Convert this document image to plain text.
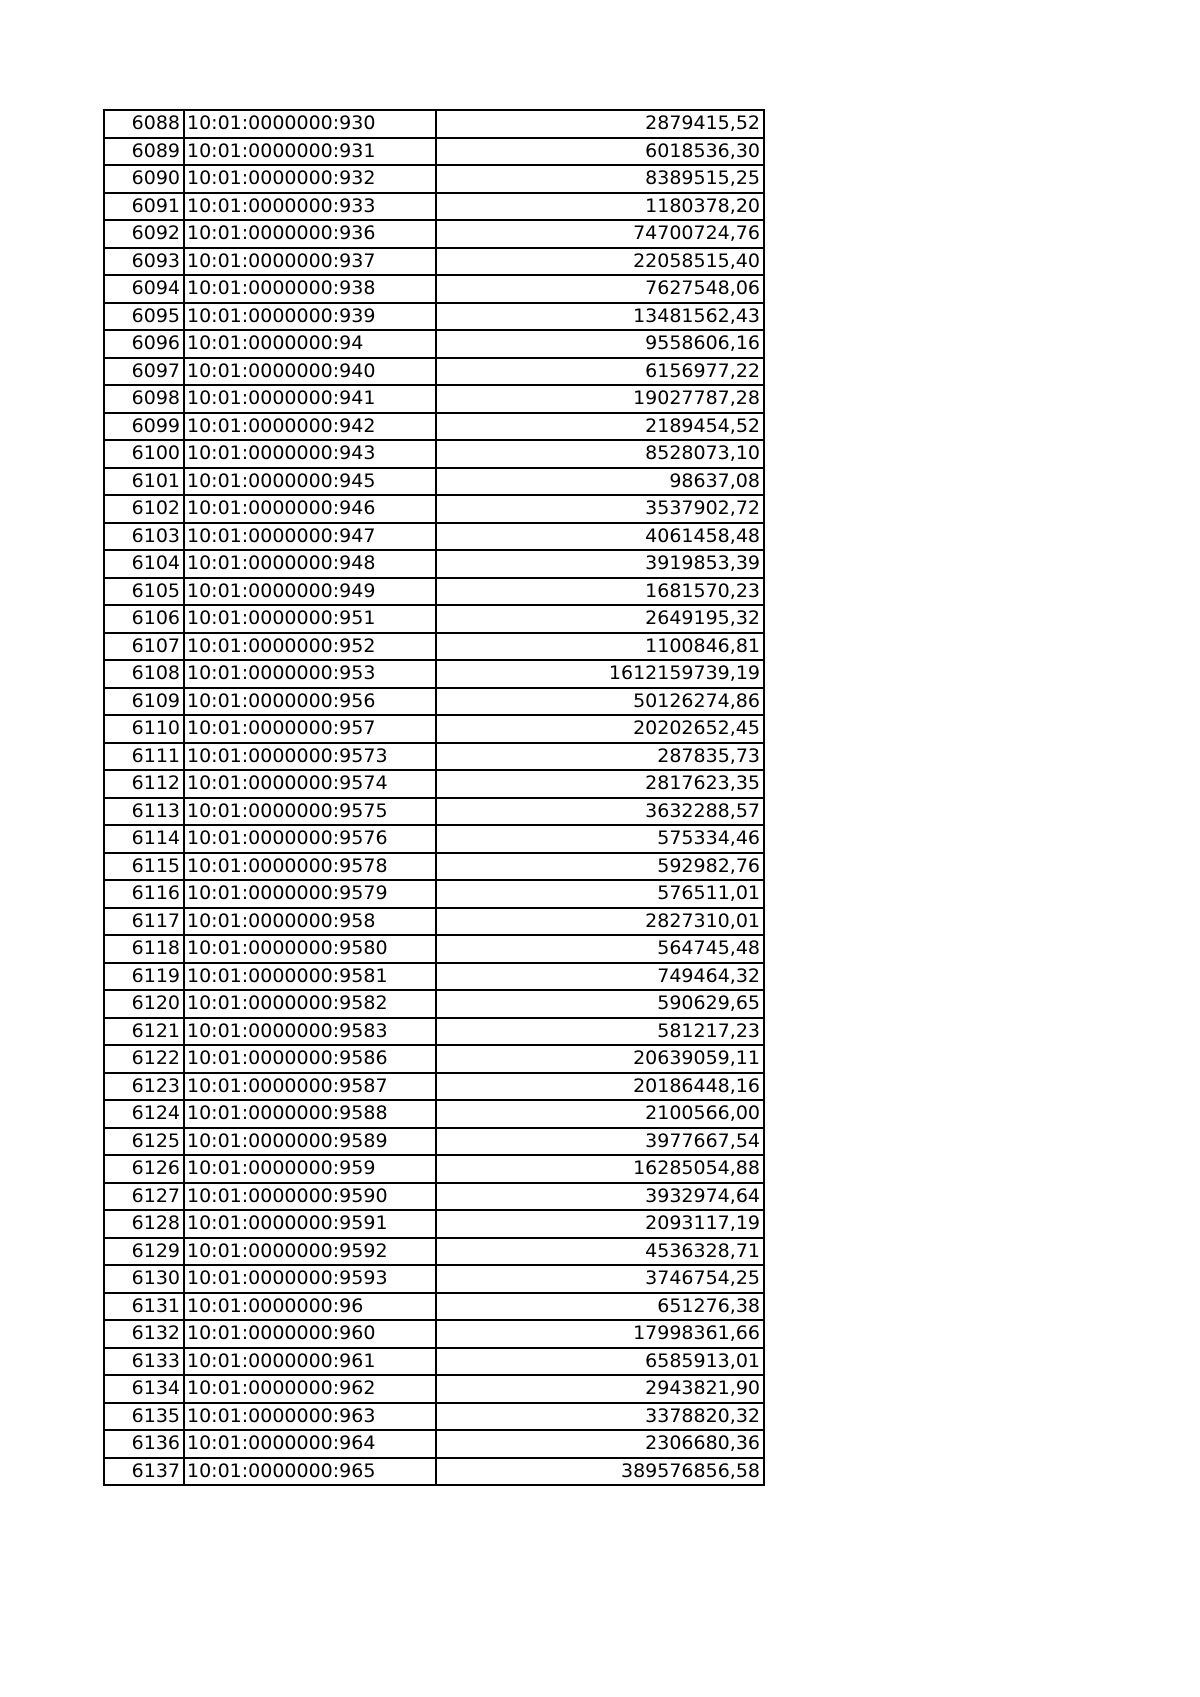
6088	10:01:0000000:930	2879415,52
6089	10:01:0000000:931	6018536,30
6090	10:01:0000000:932	8389515,25
6091	10:01:0000000:933	1180378,20
6092	10:01:0000000:936	74700724,76
6093	10:01:0000000:937	22058515,40
6094	10:01:0000000:938	7627548,06
6095	10:01:0000000:939	13481562,43
6096	10:01:0000000:94	9558606,16
6097	10:01:0000000:940	6156977,22
6098	10:01:0000000:941	19027787,28
6099	10:01:0000000:942	2189454,52
6100	10:01:0000000:943	8528073,10
6101	10:01:0000000:945	98637,08
6102	10:01:0000000:946	3537902,72
6103	10:01:0000000:947	4061458,48
6104	10:01:0000000:948	3919853,39
6105	10:01:0000000:949	1681570,23
6106	10:01:0000000:951	2649195,32
6107	10:01:0000000:952	1100846,81
6108	10:01:0000000:953	1612159739,19
6109	10:01:0000000:956	50126274,86
6110	10:01:0000000:957	20202652,45
6111	10:01:0000000:9573	287835,73
6112	10:01:0000000:9574	2817623,35
6113	10:01:0000000:9575	3632288,57
6114	10:01:0000000:9576	575334,46
6115	10:01:0000000:9578	592982,76
6116	10:01:0000000:9579	576511,01
6117	10:01:0000000:958	2827310,01
6118	10:01:0000000:9580	564745,48
6119	10:01:0000000:9581	749464,32
6120	10:01:0000000:9582	590629,65
6121	10:01:0000000:9583	581217,23
6122	10:01:0000000:9586	20639059,11
6123	10:01:0000000:9587	20186448,16
6124	10:01:0000000:9588	2100566,00
6125	10:01:0000000:9589	3977667,54
6126	10:01:0000000:959	16285054,88
6127	10:01:0000000:9590	3932974,64
6128	10:01:0000000:9591	2093117,19
6129	10:01:0000000:9592	4536328,71
6130	10:01:0000000:9593	3746754,25
6131	10:01:0000000:96	651276,38
6132	10:01:0000000:960	17998361,66
6133	10:01:0000000:961	6585913,01
6134	10:01:0000000:962	2943821,90
6135	10:01:0000000:963	3378820,32
6136	10:01:0000000:964	2306680,36
6137	10:01:0000000:965	389576856,58
